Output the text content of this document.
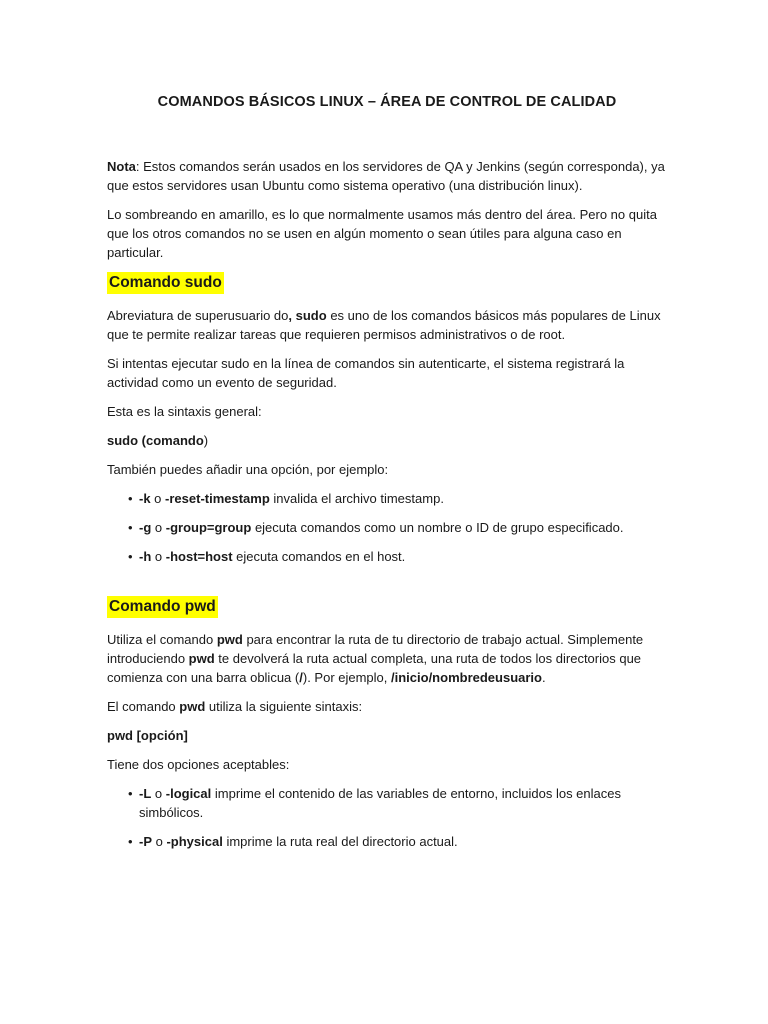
COMANDOS BÁSICOS LINUX – ÁREA DE CONTROL DE CALIDAD

Nota: Estos comandos serán usados en los servidores de QA y Jenkins (según corresponda), ya que estos servidores usan Ubuntu como sistema operativo (una distribución linux).

Lo sombreando en amarillo, es lo que normalmente usamos más dentro del área. Pero no quita que los otros comandos no se usen en algún momento o sean útiles para alguna caso en particular.

Comando sudo

Abreviatura de superusuario do, sudo es uno de los comandos básicos más populares de Linux que te permite realizar tareas que requieren permisos administrativos o de root.

Si intentas ejecutar sudo en la línea de comandos sin autenticarte, el sistema registrará la actividad como un evento de seguridad.

Esta es la sintaxis general:

sudo (comando)

También puedes añadir una opción, por ejemplo:

• -k o -reset-timestamp invalida el archivo timestamp.
• -g o -group=group ejecuta comandos como un nombre o ID de grupo especificado.
• -h o -host=host ejecuta comandos en el host.
Comando pwd

Utiliza el comando pwd para encontrar la ruta de tu directorio de trabajo actual. Simplemente introduciendo pwd te devolverá la ruta actual completa, una ruta de todos los directorios que comienza con una barra oblicua (/). Por ejemplo, /inicio/nombredeusuario.

El comando pwd utiliza la siguiente sintaxis:

pwd [opción]

Tiene dos opciones aceptables:

• -L o -logical imprime el contenido de las variables de entorno, incluidos los enlaces simbólicos.
• -P o -physical imprime la ruta real del directorio actual.
